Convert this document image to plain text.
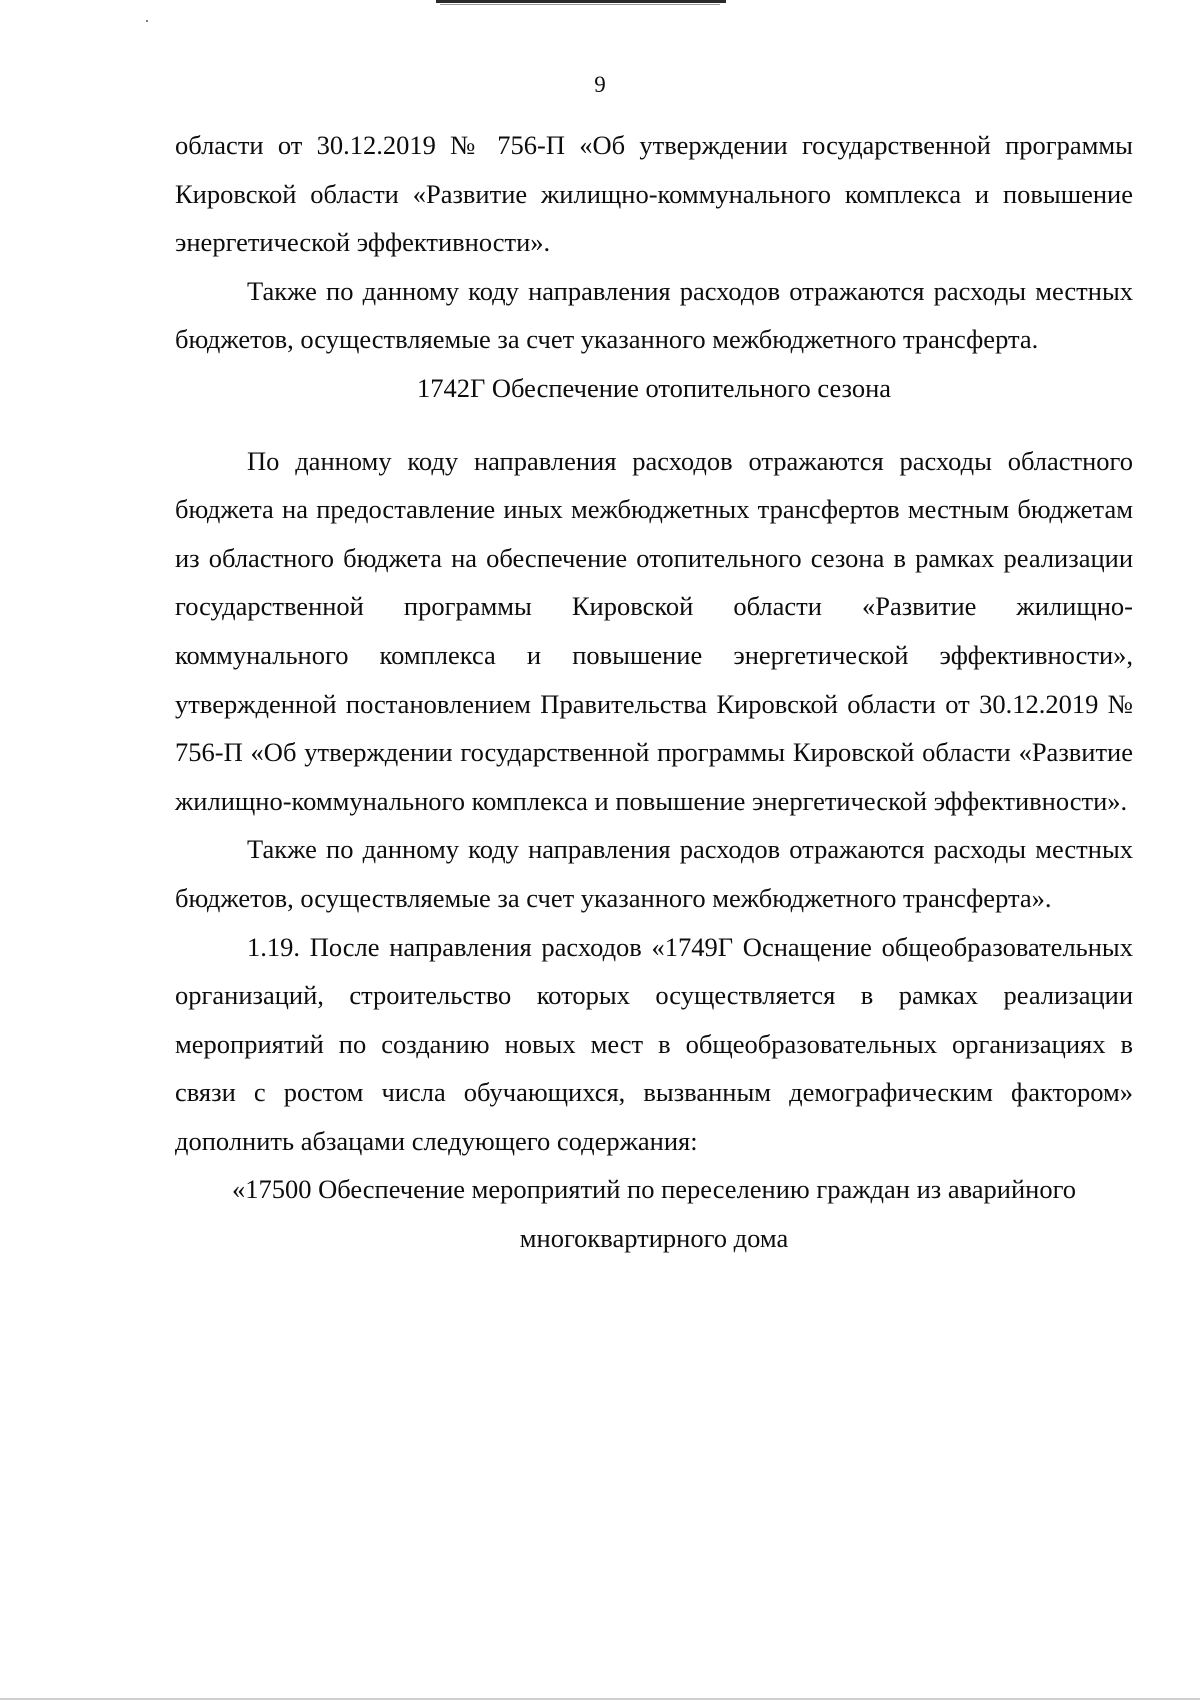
9

области от 30.12.2019 № 756-П «Об утверждении государственной программы Кировской области «Развитие жилищно-коммунального комплекса и повышение энергетической эффективности».

Также по данному коду направления расходов отражаются расходы местных бюджетов, осуществляемые за счет указанного межбюджетного трансферта.

1742Г Обеспечение отопительного сезона

По данному коду направления расходов отражаются расходы областного бюджета на предоставление иных межбюджетных трансфертов местным бюджетам из областного бюджета на обеспечение отопительного сезона в рамках реализации государственной программы Кировской области «Развитие жилищно-коммунального комплекса и повышение энергетической эффективности», утвержденной постановлением Правительства Кировской области от 30.12.2019 № 756-П «Об утверждении государственной программы Кировской области «Развитие жилищно-коммунального комплекса и повышение энергетической эффективности».

Также по данному коду направления расходов отражаются расходы местных бюджетов, осуществляемые за счет указанного межбюджетного трансферта».

1.19. После направления расходов «1749Г Оснащение общеобразовательных организаций, строительство которых осуществляется в рамках реализации мероприятий по созданию новых мест в общеобразовательных организациях в связи с ростом числа обучающихся, вызванным демографическим фактором» дополнить абзацами следующего содержания:

«17500 Обеспечение мероприятий по переселению граждан из аварийного многоквартирного дома
